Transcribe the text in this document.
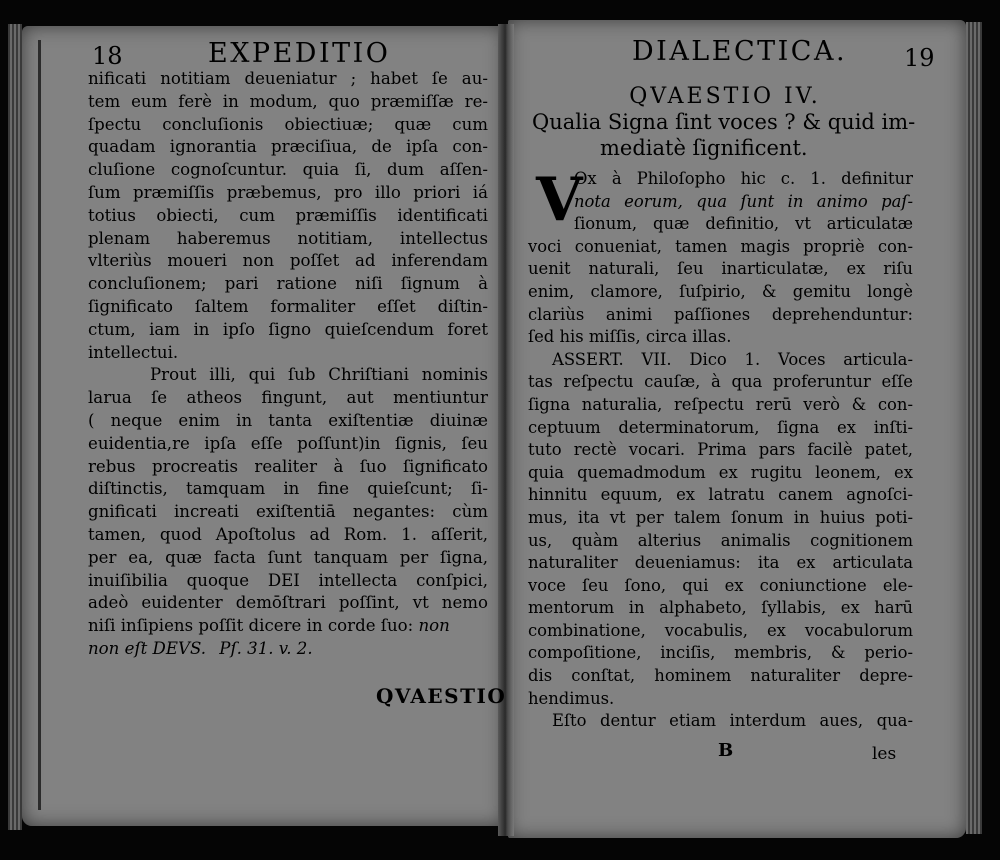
18	EXPEDITIO
nificati notitiam deueniatur ; habet ſe au-
tem eum ferè in modum, quo præmiſſæ re-
ſpectu concluſionis obiectiuæ; quæ cum
quadam ignorantia præciſiua, de ipſa con-
cluſione cognoſcuntur. quia ſi, dum aſſen-
ſum præmiſſis præbemus, pro illo priori iá
totius obiecti, cum præmiſſis identificati
plenam haberemus notitiam, intellectus
vlteriùs moueri non poſſet ad inferendam
concluſionem; pari ratione niſi ſignum à
ſignificato ſaltem formaliter eſſet diſtin-
ctum, iam in ipſo ſigno quieſcendum foret
intellectui.
Prout illi, qui ſub Chriſtiani nominis
larua ſe atheos fingunt, aut mentiuntur
( neque enim in tanta exiſtentiæ diuinæ
euidentia,re ipſa eſſe poſſunt)in ſignis, ſeu
rebus procreatis realiter à ſuo ſignificato
diſtinctis, tamquam in fine quieſcunt; ſi-
gnificati increati exiſtentiā negantes: cùm
tamen, quod Apoſtolus ad Rom. 1. aſſerit,
per ea, quæ facta ſunt tanquam per ſigna,
inuiſibilia quoque DEI intellecta conſpici,
adeò euidenter demōſtrari poſſint, vt nemo
niſi inſipiens poſſit dicere in corde ſuo: non
non eſt DEVS. Pſ. 31. v. 2.
QVAESTIO
DIALECTICA. 19
QVAESTIO IV.
Qualia Signa ſint voces ? & quid im-
mediatè ſignificent.
V
Ox à Philoſopho hic c. 1. definitur
nota eorum, qua ſunt in animo paſ-
ſionum, quæ definitio, vt articulatæ
voci conueniat, tamen magis propriè con-
uenit naturali, ſeu inarticulatæ, ex riſu
enim, clamore, ſuſpirio, & gemitu longè
clariùs animi paſſiones deprehenduntur:
ſed his miſſis, circa illas.
ASSERT. VII. Dico 1. Voces articula-
tas reſpectu cauſæ, à qua proferuntur eſſe
ſigna naturalia, reſpectu rerū verò & con-
ceptuum determinatorum, ſigna ex inſti-
tuto rectè vocari. Prima pars facilè patet,
quia quemadmodum ex rugitu leonem, ex
hinnitu equum, ex latratu canem agnoſci-
mus, ita vt per talem ſonum in huius poti-
us, quàm alterius animalis cognitionem
naturaliter deueniamus: ita ex articulata
voce ſeu ſono, qui ex coniunctione ele-
mentorum in alphabeto, ſyllabis, ex harū
combinatione, vocabulis, ex vocabulorum
compoſitione, inciſis, membris, & perio-
dis conſtat, hominem naturaliter depre-
hendimus.
Eſto dentur etiam interdum aues, qua-
B	les
